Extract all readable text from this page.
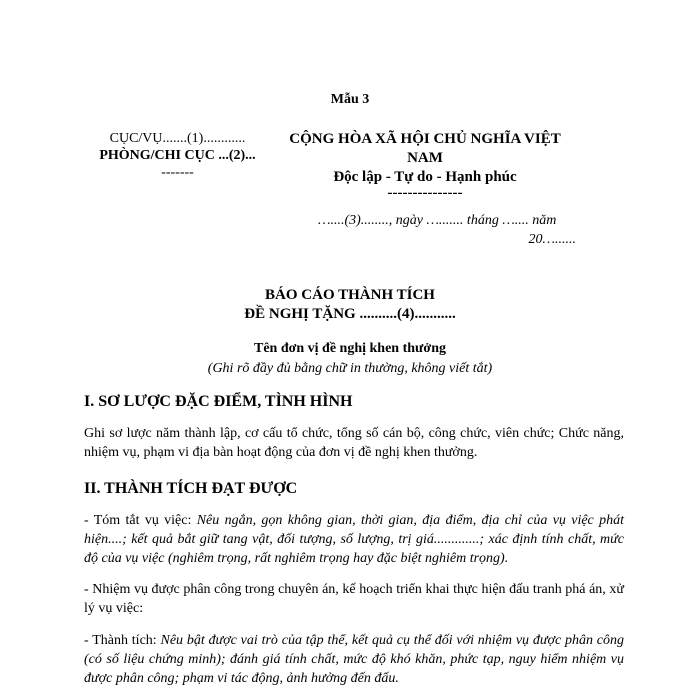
Mẫu 3
CỤC/VỤ.......(1)............
PHÒNG/CHI CỤC ...(2)...
-------
CỘNG HÒA XÃ HỘI CHỦ NGHĨA VIỆT
NAM
Độc lập - Tự do - Hạnh phúc
---------------
…....(3)........, ngày …....... tháng ….... năm
20…......
BÁO CÁO THÀNH TÍCH
ĐỀ NGHỊ TẶNG ..........(4)...........
Tên đơn vị đề nghị khen thưởng
(Ghi rõ đầy đủ bằng chữ in thường, không viết tắt)
I. SƠ LƯỢC ĐẶC ĐIỂM, TÌNH HÌNH
Ghi sơ lược năm thành lập, cơ cấu tổ chức, tổng số cán bộ, công chức, viên chức; Chức năng, nhiệm vụ, phạm vi địa bàn hoạt động của đơn vị đề nghị khen thưởng.
II. THÀNH TÍCH ĐẠT ĐƯỢC
- Tóm tắt vụ việc: Nêu ngắn, gọn không gian, thời gian, địa điểm, địa chỉ của vụ việc phát hiện....; kết quả bắt giữ tang vật, đối tượng, số lượng, trị giá.............; xác định tính chất, mức độ của vụ việc (nghiêm trọng, rất nghiêm trọng hay đặc biệt nghiêm trọng).
- Nhiệm vụ được phân công trong chuyên án, kế hoạch triển khai thực hiện đấu tranh phá án, xử lý vụ việc:
- Thành tích: Nêu bật được vai trò của tập thể, kết quả cụ thể đối với nhiệm vụ được phân công (có số liệu chứng minh); đánh giá tính chất, mức độ khó khăn, phức tạp, nguy hiểm nhiệm vụ được phân công; phạm vi tác động, ảnh hưởng đến đấu.
